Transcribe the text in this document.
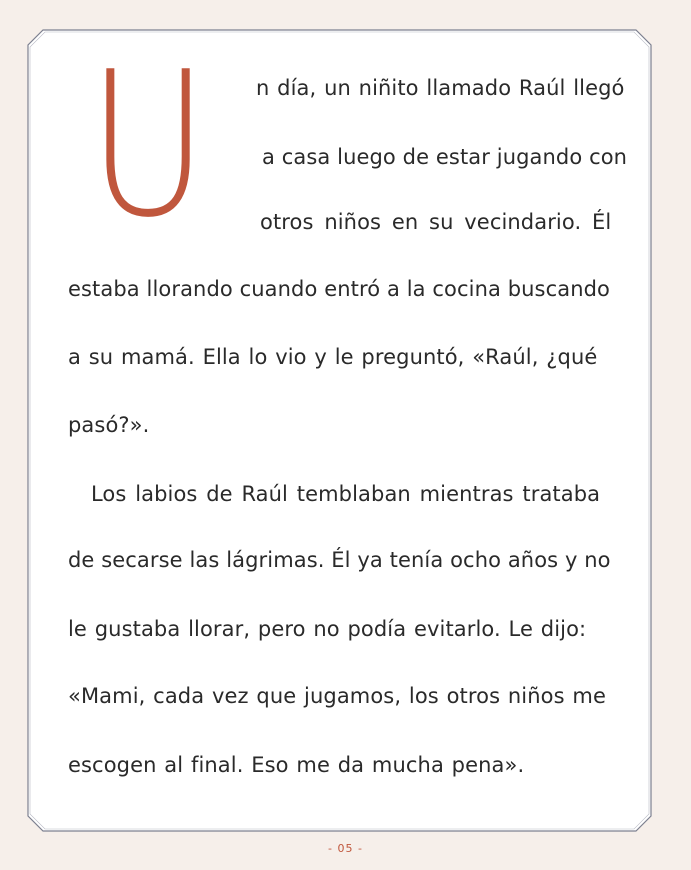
U n día, un niñito llamado Raúl llegó
a casa luego de estar jugando con
otros niños en su vecindario. Él
estaba llorando cuando entró a la cocina buscando
a su mamá. Ella lo vio y le preguntó, «Raúl, ¿qué
pasó?».
Los labios de Raúl temblaban mientras trataba
de secarse las lágrimas. Él ya tenía ocho años y no
le gustaba llorar, pero no podía evitarlo. Le dijo:
«Mami, cada vez que jugamos, los otros niños me
escogen al final. Eso me da mucha pena».
- 05 -
